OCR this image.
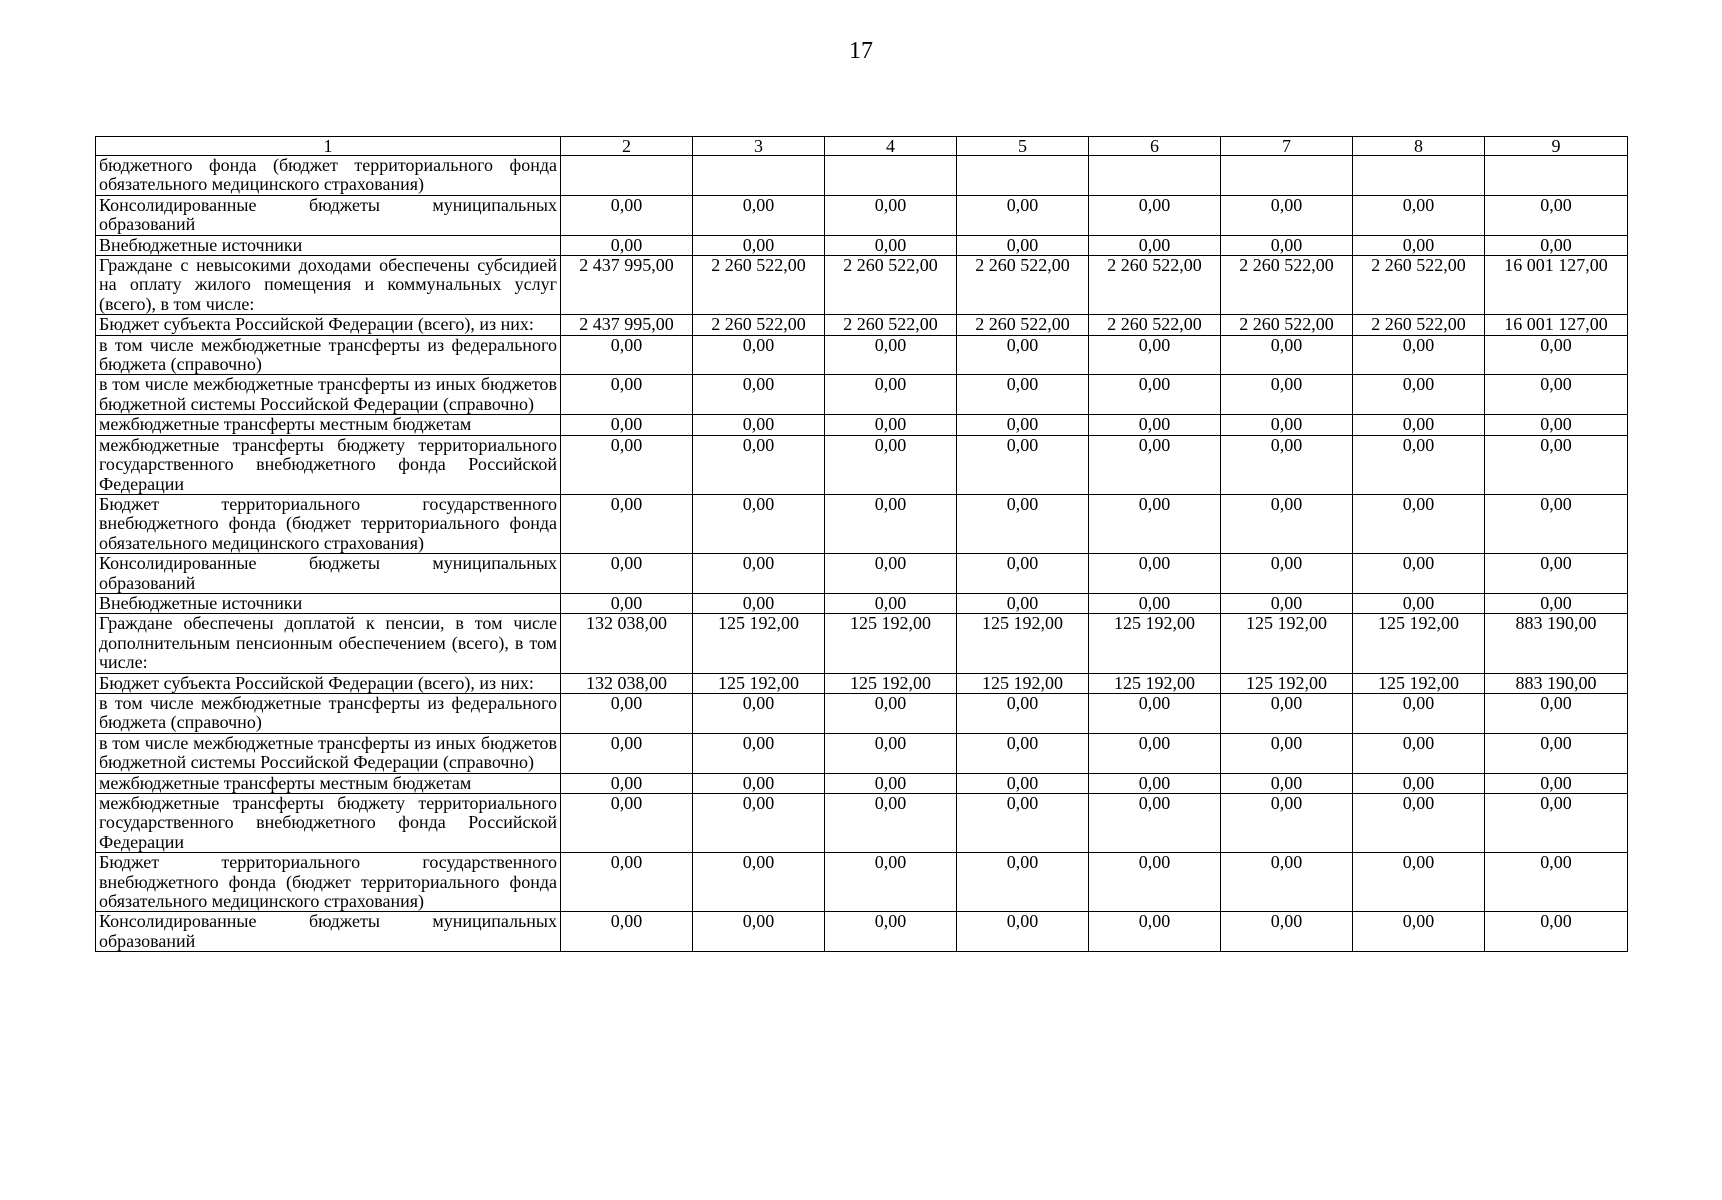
17
1	2	3	4	5	6	7	8	9
бюджетного фонда (бюджет территориального фонда обязательного медицинского страхования)								
Консолидированные бюджеты муниципальных образований	0,00	0,00	0,00	0,00	0,00	0,00	0,00	0,00
Внебюджетные источники	0,00	0,00	0,00	0,00	0,00	0,00	0,00	0,00
Граждане с невысокими доходами обеспечены субсидией на оплату жилого помещения и коммунальных услуг (всего), в том числе:	2 437 995,00	2 260 522,00	2 260 522,00	2 260 522,00	2 260 522,00	2 260 522,00	2 260 522,00	16 001 127,00
Бюджет субъекта Российской Федерации (всего), из них:	2 437 995,00	2 260 522,00	2 260 522,00	2 260 522,00	2 260 522,00	2 260 522,00	2 260 522,00	16 001 127,00
в том числе межбюджетные трансферты из федерального бюджета (справочно)	0,00	0,00	0,00	0,00	0,00	0,00	0,00	0,00
в том числе межбюджетные трансферты из иных бюджетов бюджетной системы Российской Федерации (справочно)	0,00	0,00	0,00	0,00	0,00	0,00	0,00	0,00
межбюджетные трансферты местным бюджетам	0,00	0,00	0,00	0,00	0,00	0,00	0,00	0,00
межбюджетные трансферты бюджету территориального государственного внебюджетного фонда Российской Федерации	0,00	0,00	0,00	0,00	0,00	0,00	0,00	0,00
Бюджет территориального государственного внебюджетного фонда (бюджет территориального фонда обязательного медицинского страхования)	0,00	0,00	0,00	0,00	0,00	0,00	0,00	0,00
Консолидированные бюджеты муниципальных образований	0,00	0,00	0,00	0,00	0,00	0,00	0,00	0,00
Внебюджетные источники	0,00	0,00	0,00	0,00	0,00	0,00	0,00	0,00
Граждане обеспечены доплатой к пенсии, в том числе дополнительным пенсионным обеспечением (всего), в том числе:	132 038,00	125 192,00	125 192,00	125 192,00	125 192,00	125 192,00	125 192,00	883 190,00
Бюджет субъекта Российской Федерации (всего), из них:	132 038,00	125 192,00	125 192,00	125 192,00	125 192,00	125 192,00	125 192,00	883 190,00
в том числе межбюджетные трансферты из федерального бюджета (справочно)	0,00	0,00	0,00	0,00	0,00	0,00	0,00	0,00
в том числе межбюджетные трансферты из иных бюджетов бюджетной системы Российской Федерации (справочно)	0,00	0,00	0,00	0,00	0,00	0,00	0,00	0,00
межбюджетные трансферты местным бюджетам	0,00	0,00	0,00	0,00	0,00	0,00	0,00	0,00
межбюджетные трансферты бюджету территориального государственного внебюджетного фонда Российской Федерации	0,00	0,00	0,00	0,00	0,00	0,00	0,00	0,00
Бюджет территориального государственного внебюджетного фонда (бюджет территориального фонда обязательного медицинского страхования)	0,00	0,00	0,00	0,00	0,00	0,00	0,00	0,00
Консолидированные бюджеты муниципальных образований	0,00	0,00	0,00	0,00	0,00	0,00	0,00	0,00
